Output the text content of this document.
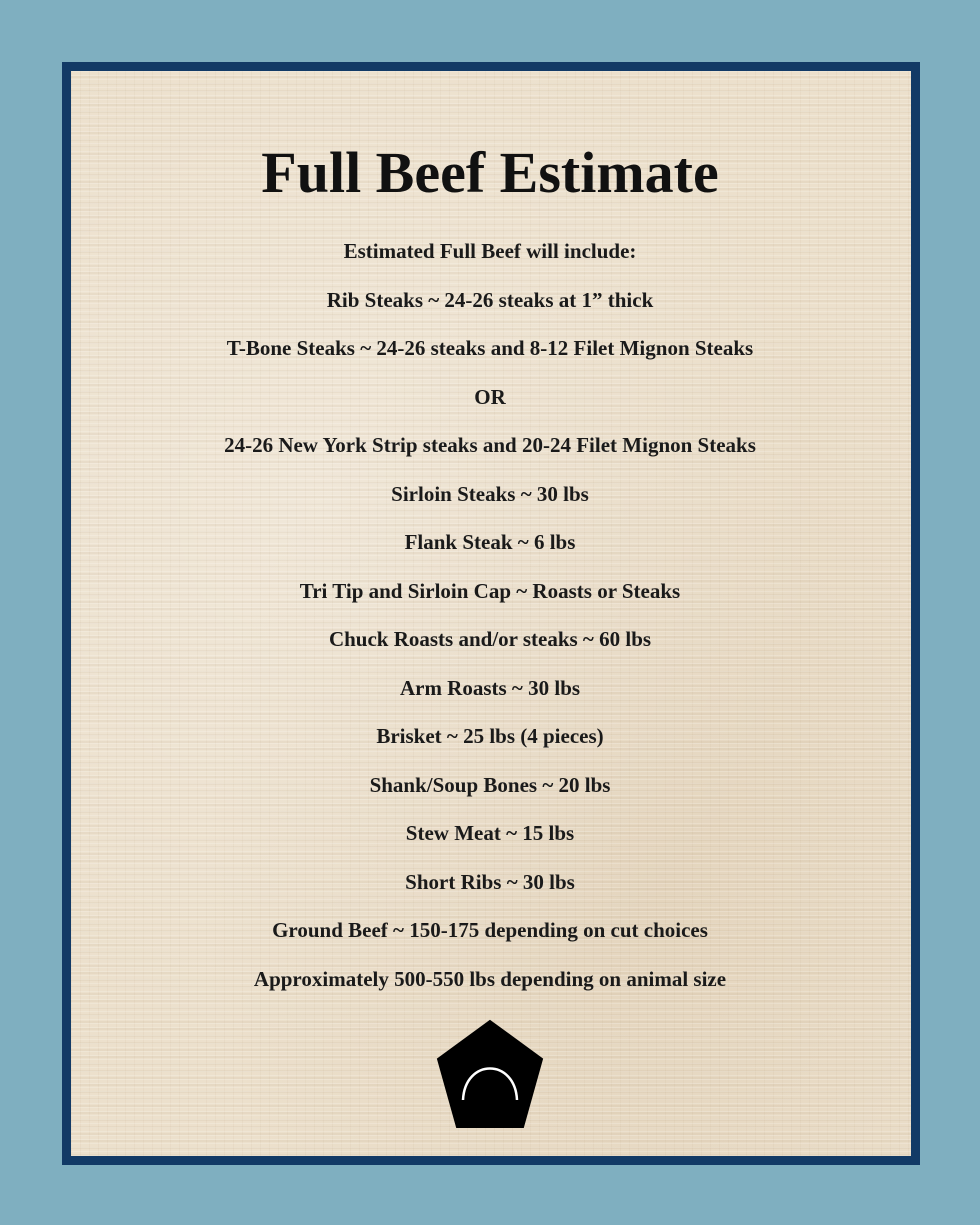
Full Beef Estimate
Estimated Full Beef will include:
Rib Steaks ~ 24-26 steaks at 1” thick
T-Bone Steaks ~ 24-26 steaks and 8-12 Filet Mignon Steaks
OR
24-26 New York Strip steaks and 20-24 Filet Mignon Steaks
Sirloin Steaks ~ 30 lbs
Flank Steak ~ 6 lbs
Tri Tip and Sirloin Cap ~ Roasts or Steaks
Chuck Roasts and/or steaks ~ 60 lbs
Arm Roasts ~ 30 lbs
Brisket ~ 25 lbs (4 pieces)
Shank/Soup Bones ~ 20 lbs
Stew Meat ~ 15 lbs
Short Ribs ~ 30 lbs
Ground Beef ~ 150-175 depending on cut choices
Approximately 500-550 lbs depending on animal size
